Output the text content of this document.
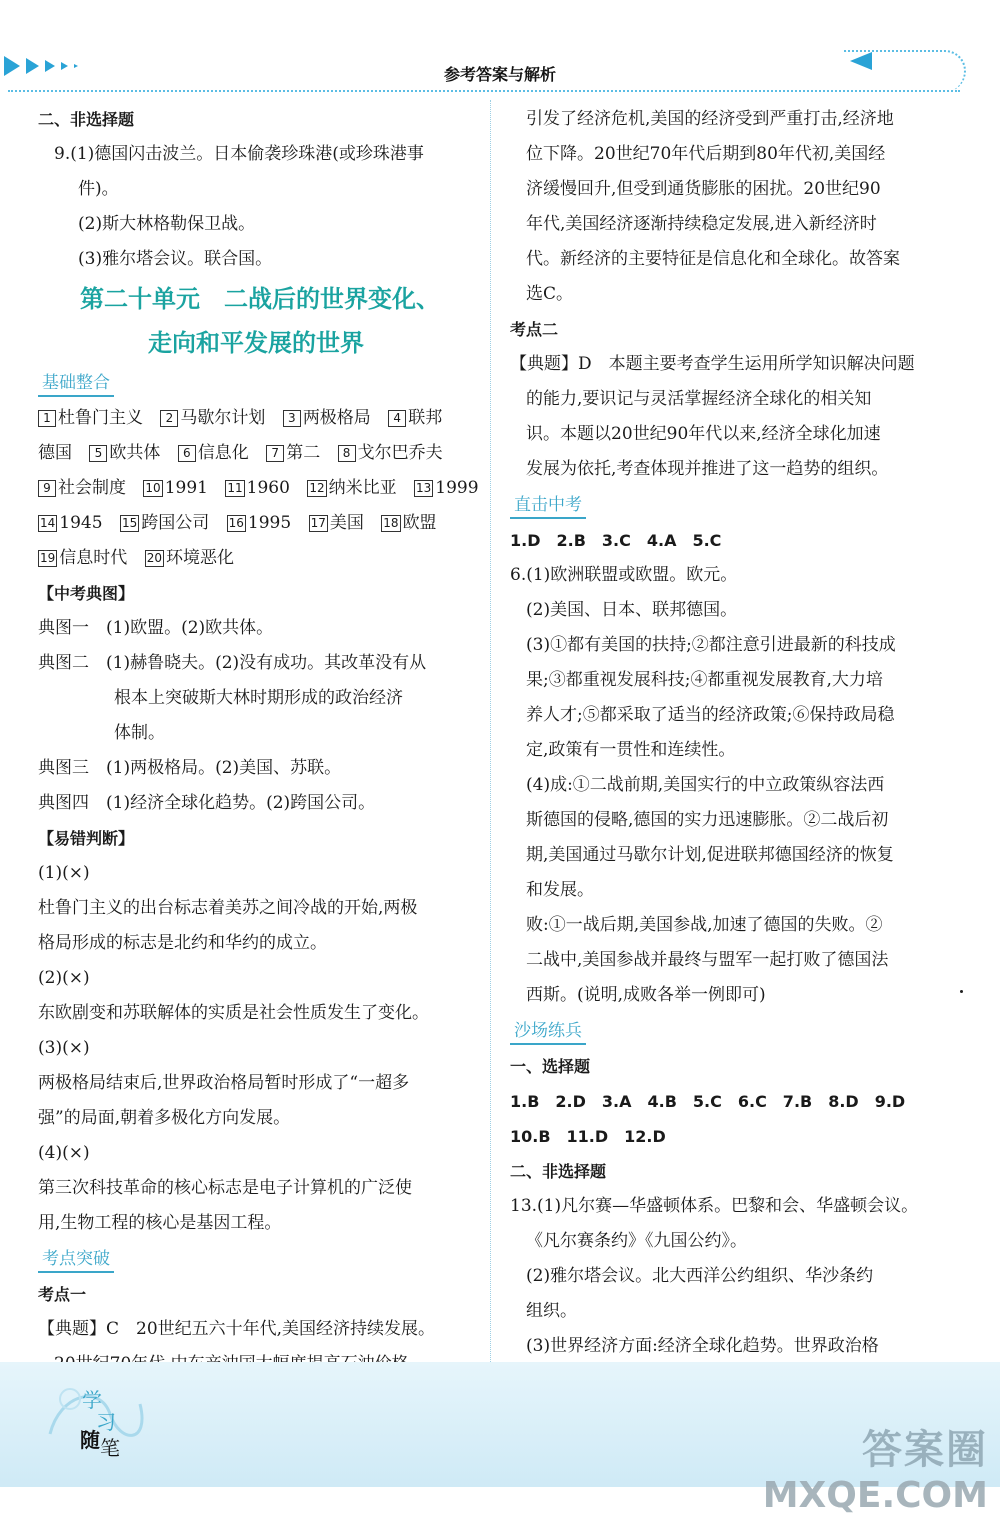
参考答案与解析
二、非选择题
9.(1)德国闪击波兰。日本偷袭珍珠港(或珍珠港事
件)。
(2)斯大林格勒保卫战。
(3)雅尔塔会议。联合国。
第二十单元　二战后的世界变化、
走向和平发展的世界
基础整合
1 杜鲁门主义 2 马歇尔计划 3 两极格局 4 联邦
德国 5 欧共体 6 信息化 7 第二 8 戈尔巴乔夫
9 社会制度 10 1991 11 1960 12 纳米比亚 13 1999
14 1945 15 跨国公司 16 1995 17 美国 18 欧盟
19 信息时代 20 环境恶化
【中考典图】
典图一　(1)欧盟。(2)欧共体。
典图二　(1)赫鲁晓夫。(2)没有成功。其改革没有从
根本上突破斯大林时期形成的政治经济
体制。
典图三　(1)两极格局。(2)美国、苏联。
典图四　(1)经济全球化趋势。(2)跨国公司。
【易错判断】
(1)(×)
杜鲁门主义的出台标志着美苏之间冷战的开始,两极
格局形成的标志是北约和华约的成立。
(2)(×)
东欧剧变和苏联解体的实质是社会性质发生了变化。
(3)(×)
两极格局结束后,世界政治格局暂时形成了“一超多
强”的局面,朝着多极化方向发展。
(4)(×)
第三次科技革命的核心标志是电子计算机的广泛使
用,生物工程的核心是基因工程。
考点突破
考点一
【典题】C　20世纪五六十年代,美国经济持续发展。
引发了经济危机,美国的经济受到严重打击,经济地
位下降。20世纪70年代后期到80年代初,美国经
济缓慢回升,但受到通货膨胀的困扰。20世纪90
年代,美国经济逐渐持续稳定发展,进入新经济时
代。新经济的主要特征是信息化和全球化。故答案
选C。
考点二
【典题】D　本题主要考查学生运用所学知识解决问题
的能力,要识记与灵活掌握经济全球化的相关知
识。本题以20世纪90年代以来,经济全球化加速
发展为依托,考查体现并推进了这一趋势的组织。
直击中考
1.D　2.B　3.C　4.A　5.C
6.(1)欧洲联盟或欧盟。欧元。
(2)美国、日本、联邦德国。
(3)①都有美国的扶持;②都注意引进最新的科技成
果;③都重视发展科技;④都重视发展教育,大力培
养人才;⑤都采取了适当的经济政策;⑥保持政局稳
定,政策有一贯性和连续性。
(4)成:①二战前期,美国实行的中立政策纵容法西
斯德国的侵略,德国的实力迅速膨胀。②二战后初
期,美国通过马歇尔计划,促进联邦德国经济的恢复
和发展。
败:①一战后期,美国参战,加速了德国的失败。②
二战中,美国参战并最终与盟军一起打败了德国法
西斯。(说明,成败各举一例即可)
沙场练兵
一、选择题
1.B　2.D　3.A　4.B　5.C　6.C　7.B　8.D　9.D
10.B　11.D　12.D
二、非选择题
13.(1)凡尔赛—华盛顿体系。巴黎和会、华盛顿会议。
《凡尔赛条约》《九国公约》。
(2)雅尔塔会议。北大西洋公约组织、华沙条约
组织。
(3)世界经济方面:经济全球化趋势。世界政治格
学
习
随 笔	答案圈
MXQE.COM
